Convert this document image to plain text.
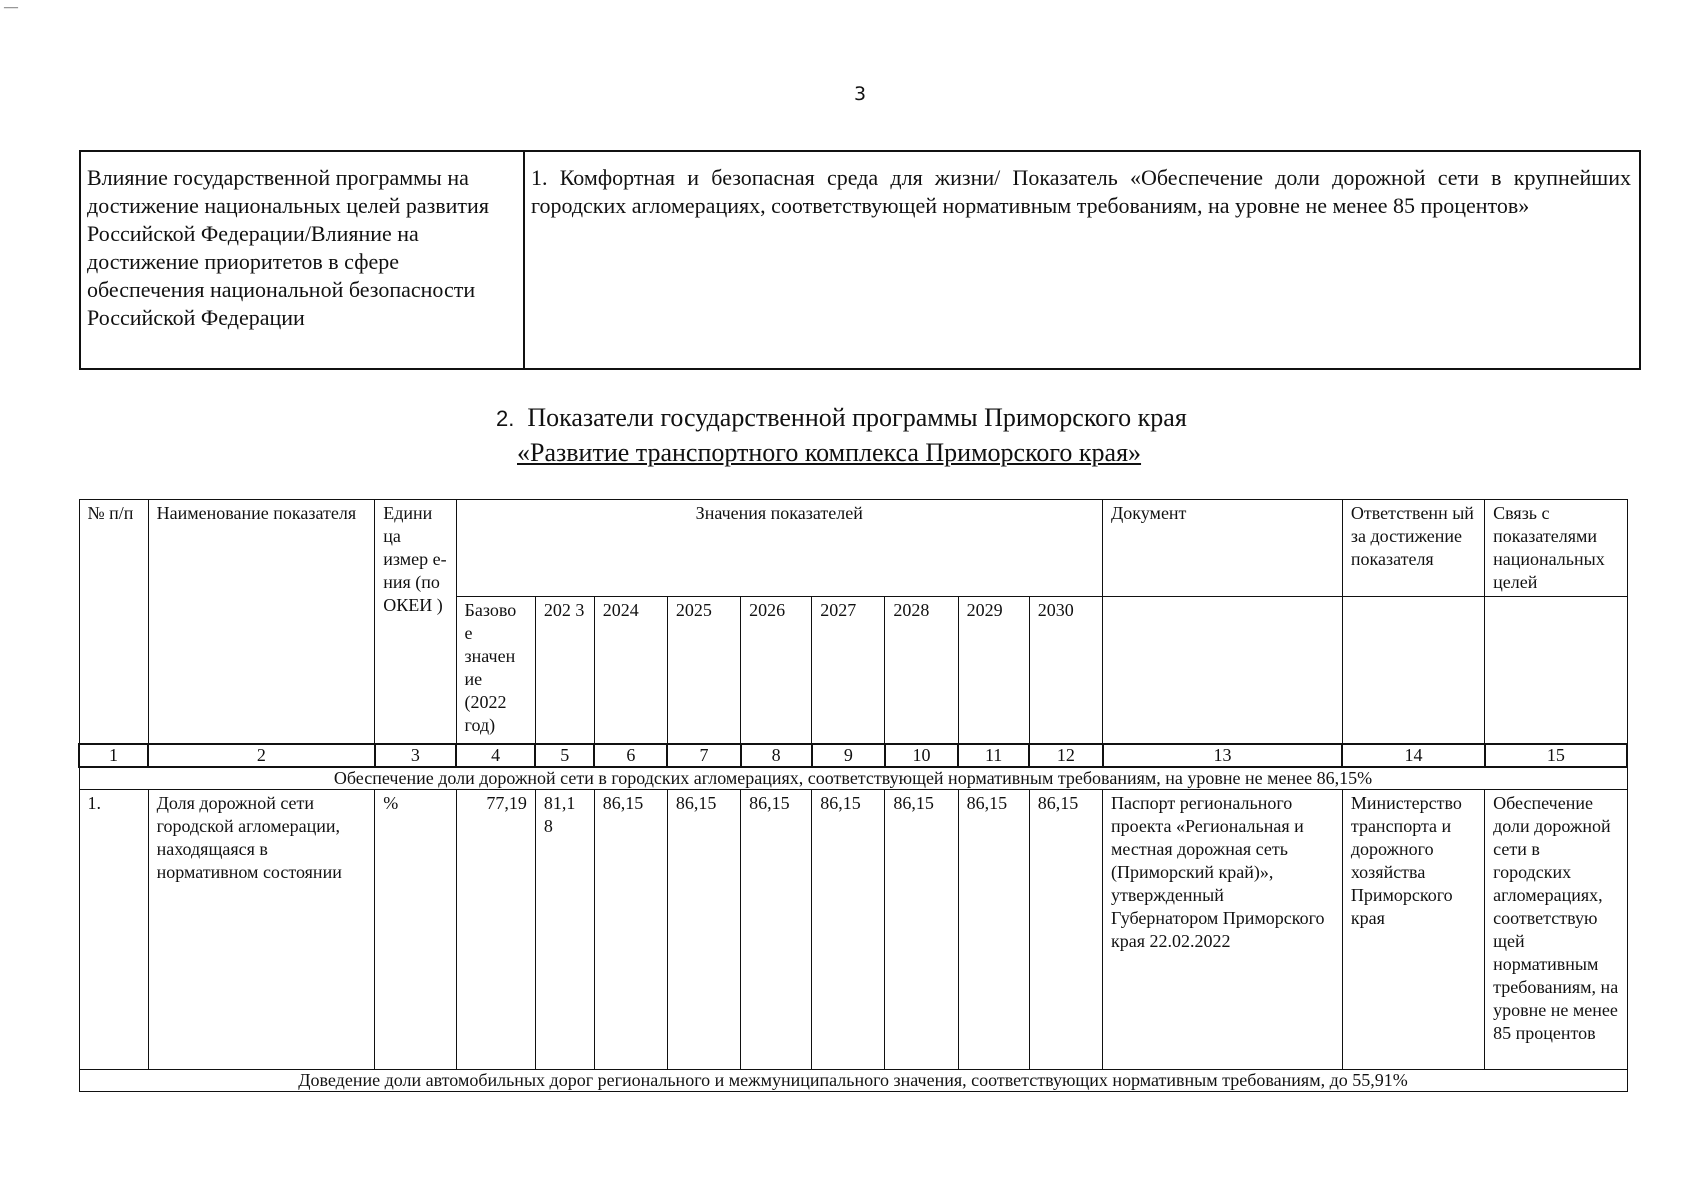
—
3
Влияние государственной программы на достижение национальных целей развития Российской Федерации/Влияние на достижение приоритетов в сфере обеспечения национальной безопасности Российской Федерации	1. Комфортная и безопасная среда для жизни/ Показатель «Обеспечение доли дорожной сети в крупнейших городских агломерациях, соответствующей нормативным требованиям, на уровне не менее 85 процентов»
2. Показатели государственной программы Приморского края
«Развитие транспортного комплекса Приморского края»
№ п/п	Наименование показателя	Едини ца измер е-ния (по ОКЕИ )	Значения показателей									Документ	Ответственн ый за достижение показателя	Связь с показателями национальных целей
			Базово е значен ие (2022 год)	202 3	2024	2025	2026	2027	2028	2029	2030			
1	2	3	4	5	6	7	8	9	10	11	12	13	14	15
Обеспечение доли дорожной сети в городских агломерациях, соответствующей нормативным требованиям, на уровне не менее 86,15%														
1.	Доля дорожной сети городской агломерации, находящаяся в нормативном состоянии	%	77,19	81,1 8	86,15	86,15	86,15	86,15	86,15	86,15	86,15	Паспорт регионального проекта «Региональная и местная дорожная сеть (Приморский край)», утвержденный Губернатором Приморского края 22.02.2022	Министерство транспорта и дорожного хозяйства Приморского края	Обеспечение доли дорожной сети в городских агломерациях, соответствую щей нормативным требованиям, на уровне не менее 85 процентов
Доведение доли автомобильных дорог регионального и межмуниципального значения, соответствующих нормативным требованиям, до 55,91%														
